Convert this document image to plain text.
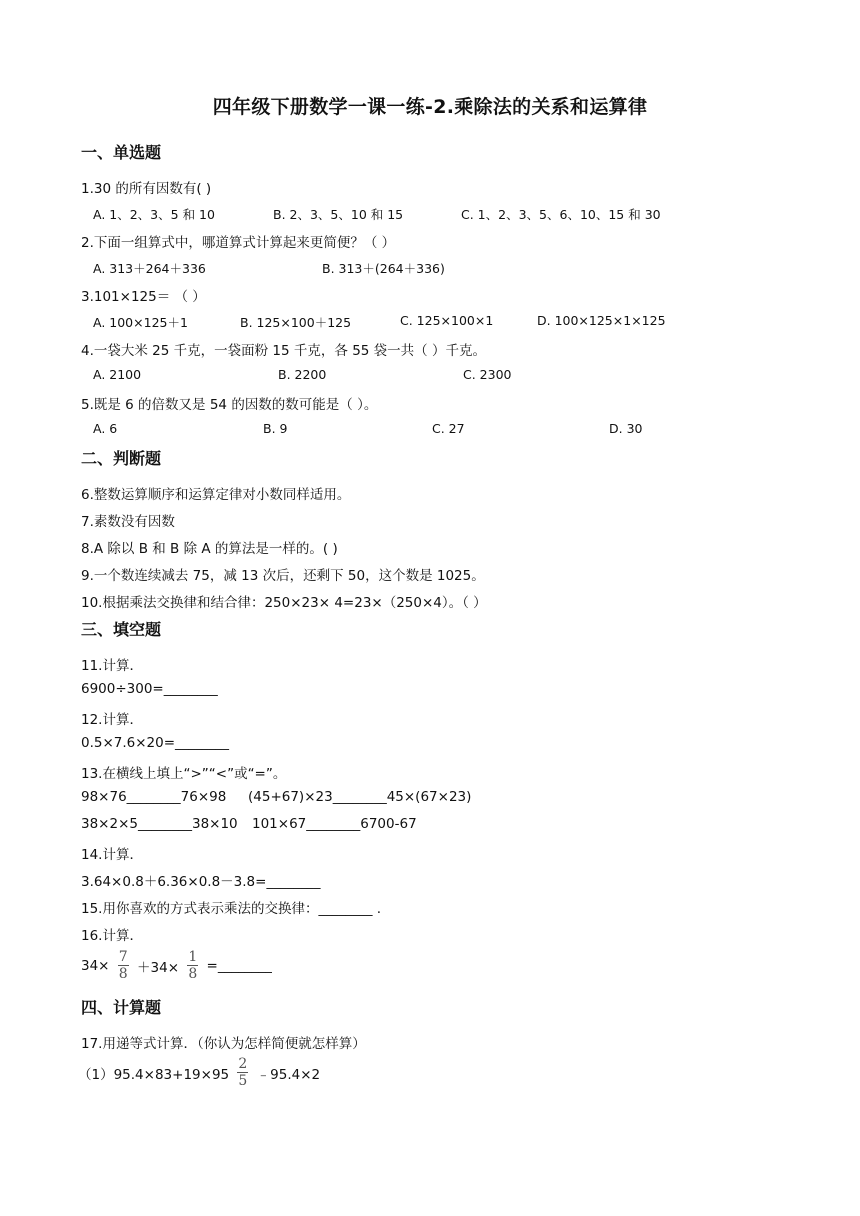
四年级下册数学一课一练-2.乘除法的关系和运算律
一、单选题
1.30 的所有因数有( )
A. 1、2、3、5 和 10	B. 2、3、5、10 和 15	C. 1、2、3、5、6、10、15 和 30
2.下面一组算式中，哪道算式计算起来更简便？（ ）
A. 313＋264＋336	B. 313＋(264＋336)
3.101×125＝ （ ）
A. 100×125＋1	B. 125×100＋125	C. 125×100×1	D. 100×125×1×125
4.一袋大米 25 千克，一袋面粉 15 千克，各 55 袋一共（ ）千克。
A. 2100	B. 2200	C. 2300
5.既是 6 的倍数又是 54 的因数的数可能是（ ）。
A. 6	B. 9	C. 27	D. 30
二、判断题
6.整数运算顺序和运算定律对小数同样适用。
7.素数没有因数
8.A 除以 B 和 B 除 A 的算法是一样的。( )
9.一个数连续减去 75，减 13 次后，还剩下 50，这个数是 1025。
10.根据乘法交换律和结合律：250×23× 4=23×（250×4）。（ ）
三、填空题
11.计算．
6900÷300=________
12.计算．
0.5×7.6×20=________
13.在横线上填上“>”“<”或“=”。
98×76________76×98 (45+67)×23________45×(67×23)
38×2×5________38×10 101×67________6700-67
14.计算．
3.64×0.8＋6.36×0.8－3.8=________
15.用你喜欢的方式表示乘法的交换律：________ .
16.计算．
$34\times \frac{7}{8} +34\times \frac{1}{8}$ =________
四、计算题
17.用递等式计算．（你认为怎样简便就怎样算）
$(1)95.4\times 83+19\times 95 \frac{2}{5}$ ﹣95.4×2
